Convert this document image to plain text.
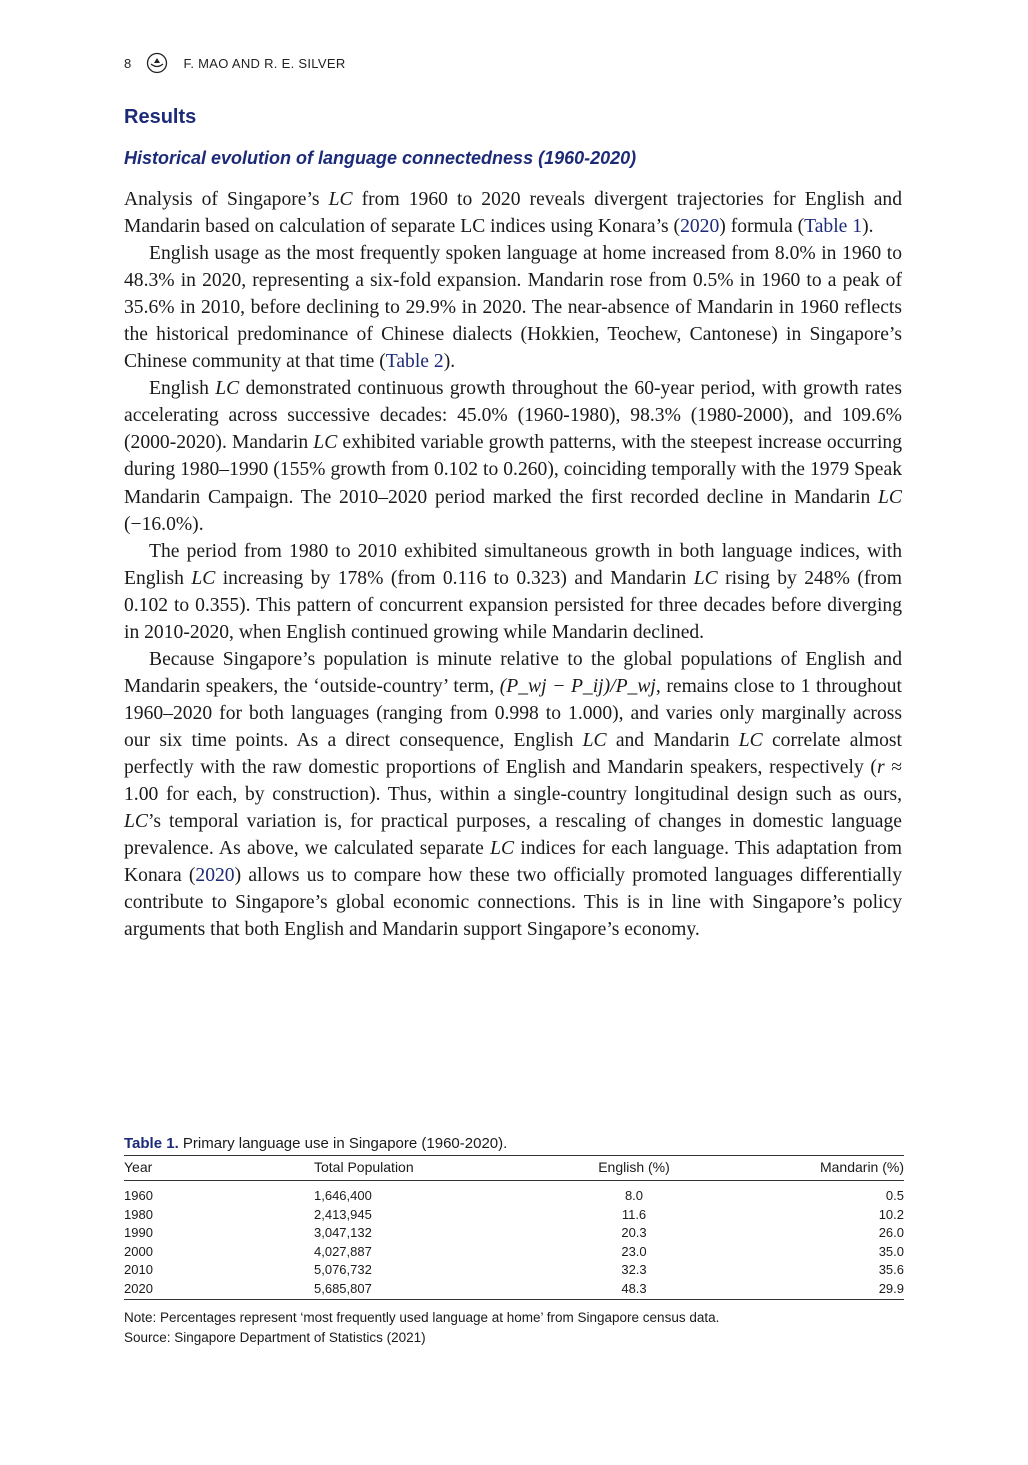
8	F. MAO AND R. E. SILVER
Results
Historical evolution of language connectedness (1960-2020)

Analysis of Singapore’s LC from 1960 to 2020 reveals divergent trajectories for English and Mandarin based on calculation of separate LC indices using Konara’s (2020) formula (Table 1).

English usage as the most frequently spoken language at home increased from 8.0% in 1960 to 48.3% in 2020, representing a six-fold expansion. Mandarin rose from 0.5% in 1960 to a peak of 35.6% in 2010, before declining to 29.9% in 2020. The near-absence of Mandarin in 1960 reflects the historical predominance of Chinese dialects (Hokkien, Teochew, Cantonese) in Singapore’s Chinese community at that time (Table 2).

English LC demonstrated continuous growth throughout the 60-year period, with growth rates accelerating across successive decades: 45.0% (1960-1980), 98.3% (1980-2000), and 109.6% (2000-2020). Mandarin LC exhibited variable growth patterns, with the steepest increase occurring during 1980–1990 (155% growth from 0.102 to 0.260), coinciding temporally with the 1979 Speak Mandarin Campaign. The 2010–2020 period marked the first recorded decline in Mandarin LC (−16.0%).

The period from 1980 to 2010 exhibited simultaneous growth in both language indices, with English LC increasing by 178% (from 0.116 to 0.323) and Mandarin LC rising by 248% (from 0.102 to 0.355). This pattern of concurrent expansion persisted for three decades before diverging in 2010-2020, when English continued growing while Mandarin declined.

Because Singapore’s population is minute relative to the global populations of English and Mandarin speakers, the ‘outside-country’ term, (P_wj − P_ij)/P_wj, remains close to 1 throughout 1960–2020 for both languages (ranging from 0.998 to 1.000), and varies only marginally across our six time points. As a direct consequence, English LC and Mandarin LC correlate almost perfectly with the raw domestic proportions of English and Mandarin speakers, respectively (r ≈ 1.00 for each, by construction). Thus, within a single-country longitudinal design such as ours, LC’s temporal variation is, for practical purposes, a rescaling of changes in domestic language prevalence. As above, we calculated separate LC indices for each language. This adaptation from Konara (2020) allows us to compare how these two officially promoted languages differentially contribute to Singapore’s global economic connections. This is in line with Singapore’s policy arguments that both English and Mandarin support Singapore’s economy.

Table 1. Primary language use in Singapore (1960-2020).
Year	Total Population	English (%)	Mandarin (%)
1960	1,646,400	8.0	0.5
1980	2,413,945	11.6	10.2
1990	3,047,132	20.3	26.0
2000	4,027,887	23.0	35.0
2010	5,076,732	32.3	35.6
2020	5,685,807	48.3	29.9
Note: Percentages represent ‘most frequently used language at home’ from Singapore census data.
Source: Singapore Department of Statistics (2021)
